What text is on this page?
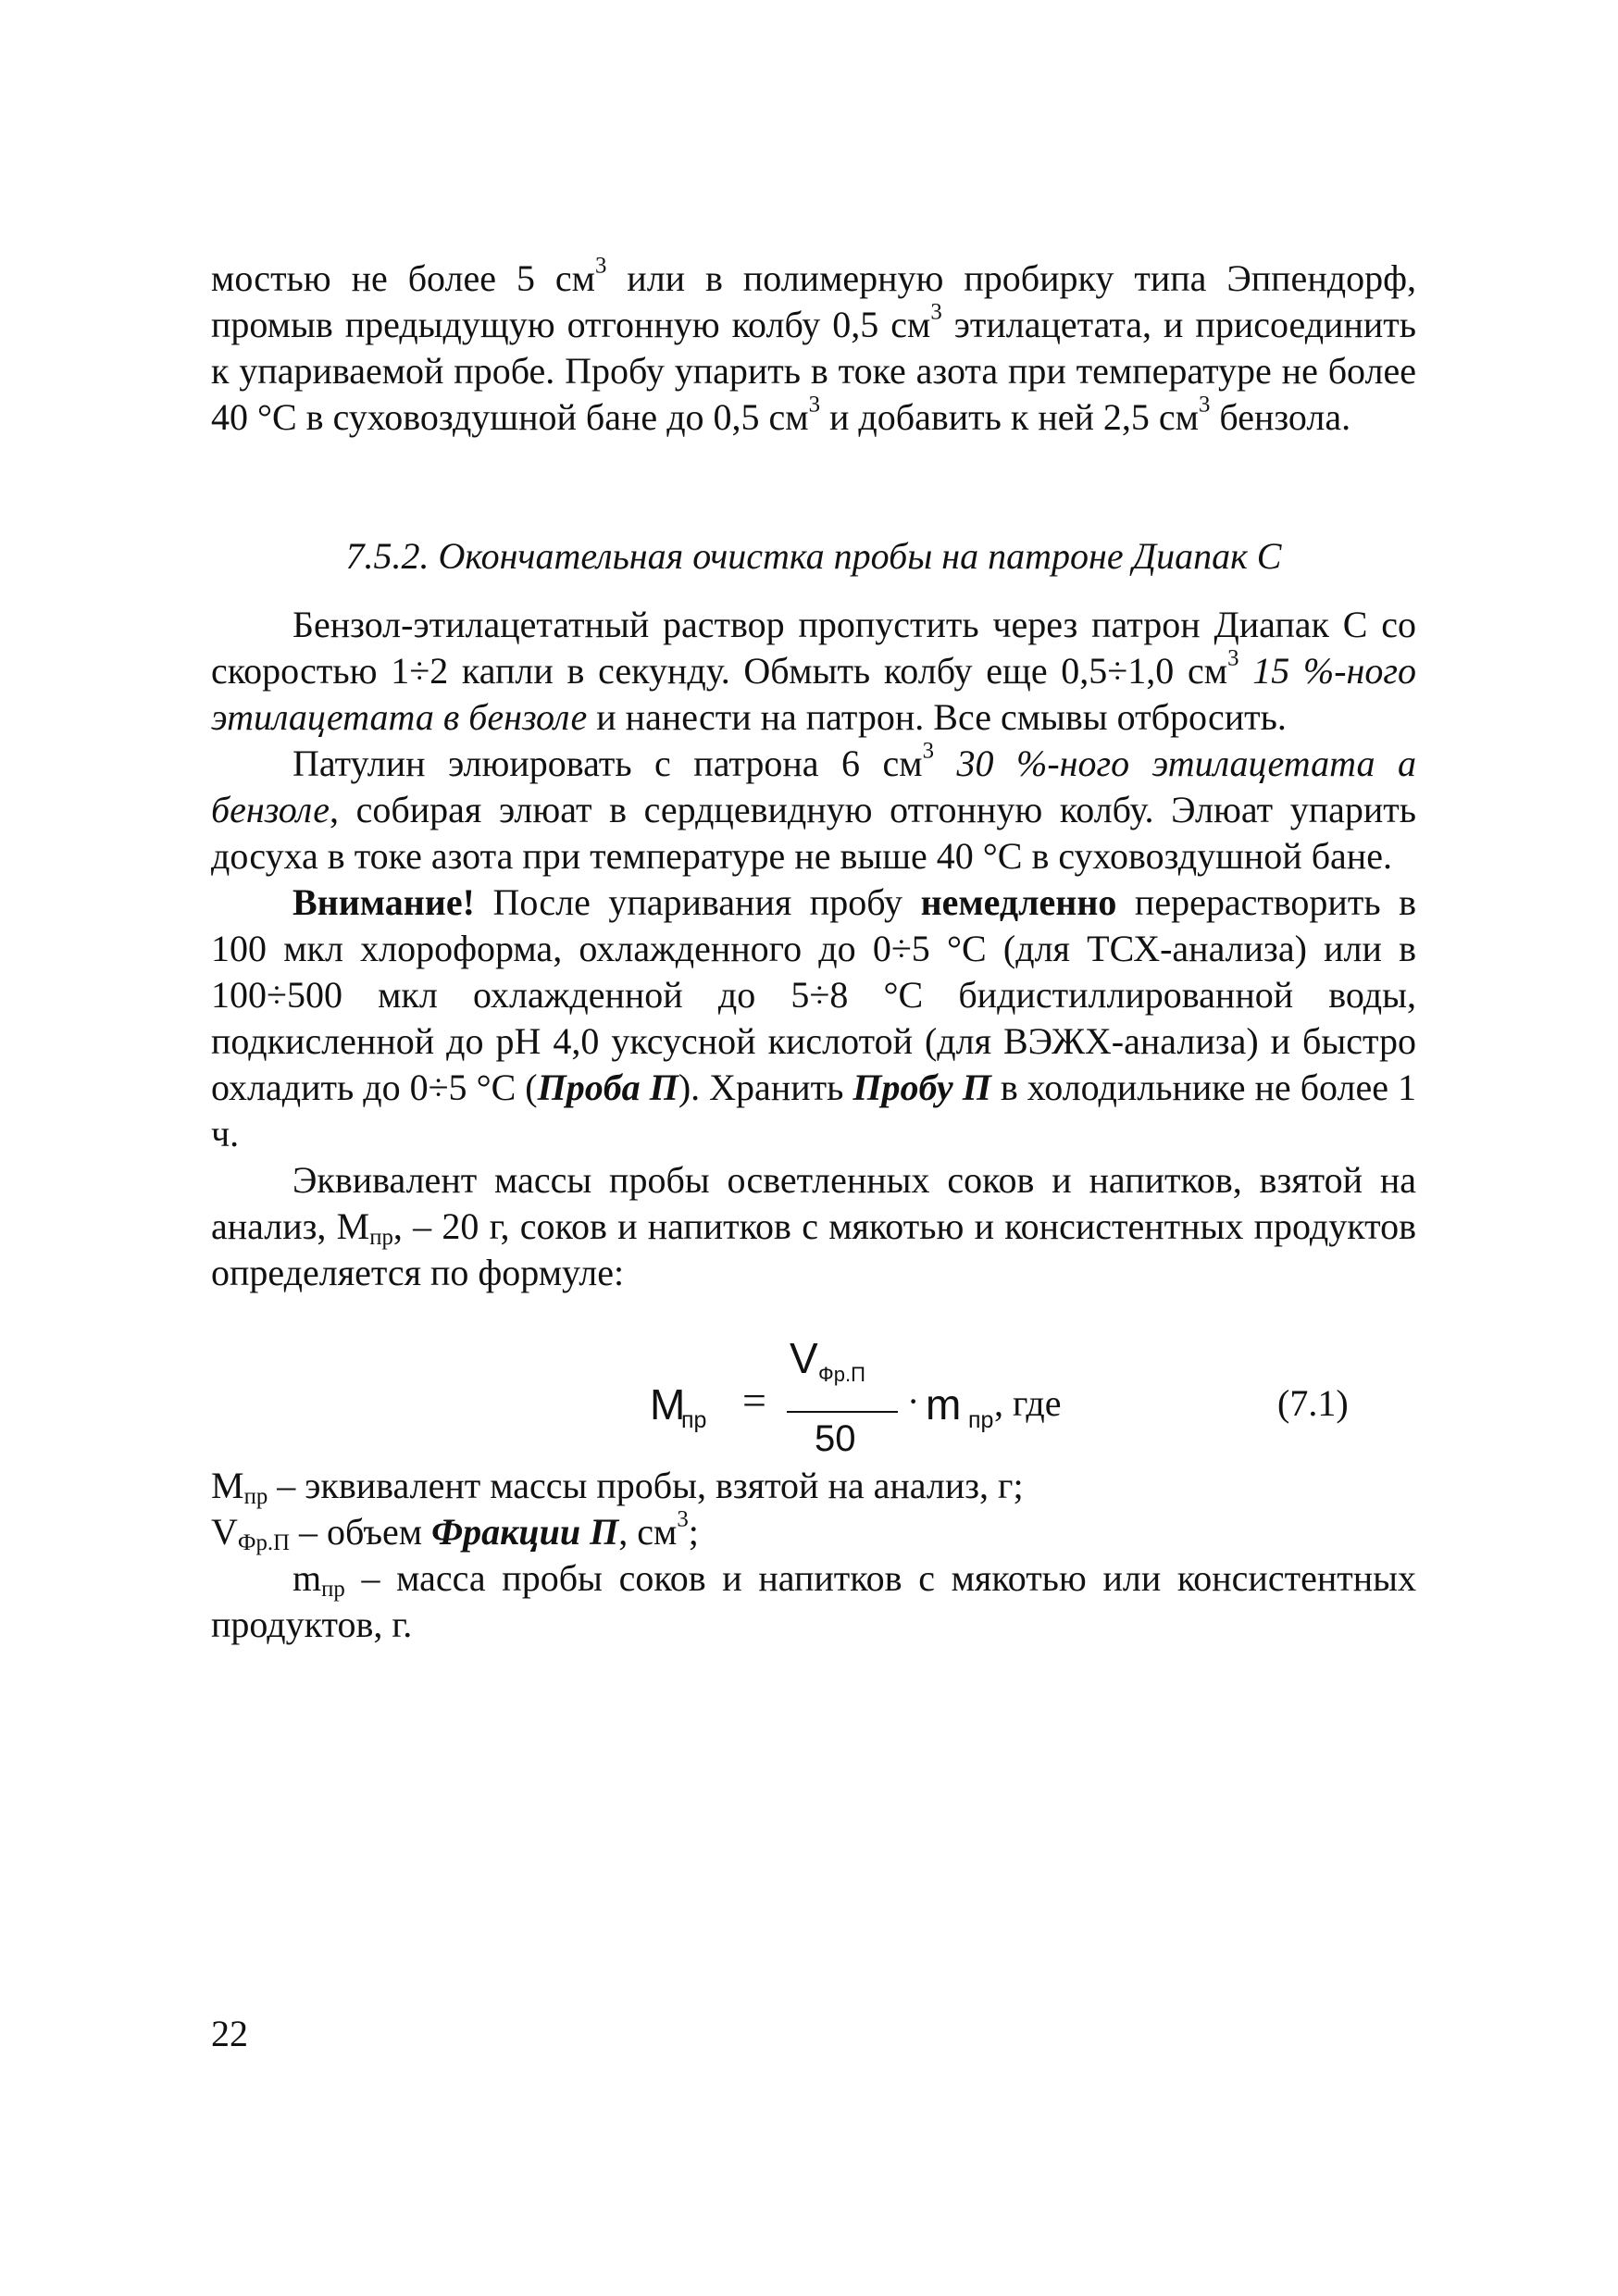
мостью не более 5 $см^3$ или в полимерную пробирку типа Эппендорф, промыв предыдущую отгонную колбу 0,5 $см^3$ этилацетата, и присоединить к упариваемой пробе. Пробу упарить в токе азота при температуре не более 40 °С в суховоздушной бане до 0,5 $см^3$ и добавить к ней 2,5 $см^3$ бензола.

7.5.2. Окончательная очистка пробы на патроне Диапак С

Бензол-этилацетатный раствор пропустить через патрон Диапак С со скоростью 1÷2 капли в секунду. Обмыть колбу еще 0,5÷1,0 $см^3$ 15 %-ного этилацетата в бензоле и нанести на патрон. Все смывы отбросить.

Патулин элюировать с патрона 6 $см^3$ 30 %-ного этилацетата а бензоле, собирая элюат в сердцевидную отгонную колбу. Элюат упарить досуха в токе азота при температуре не выше 40 °С в суховоздушной бане.

Внимание! После упаривания пробу немедленно перерастворить в 100 мкл хлороформа, охлажденного до 0÷5 °С (для ТСХ-анализа) или в 100÷500 мкл охлажденной до 5÷8 °С бидистиллированной воды, подкисленной до рН 4,0 уксусной кислотой (для ВЭЖХ-анализа) и быстро охладить до 0÷5 °С (Проба П). Хранить Пробу П в холодильнике не более 1 ч.

Эквивалент массы пробы осветленных соков и напитков, взятой на анализ, $М_{пр}$, – 20 г, соков и напитков с мякотью и консистентных продуктов определяется по формуле:

M
пр =
V Фр.П
50
· m пр , где	(7.1)

$М_{пр}$ – эквивалент массы пробы, взятой на анализ, г;

$V_{Фр.П}$ – объем Фракции П, $см^3$;

$m_{пр}$ – масса пробы соков и напитков с мякотью или консистентных продуктов, г.

22
